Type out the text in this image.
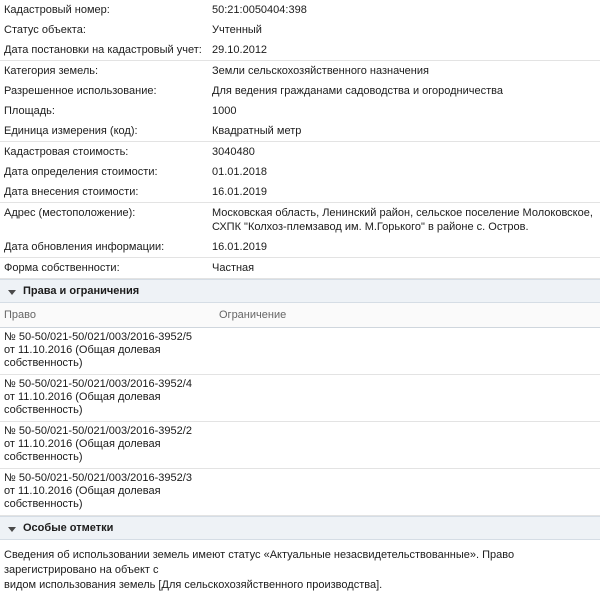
Кадастровый номер:	50:21:0050404:398
Статус объекта:	Учтенный
Дата постановки на кадастровый учет:	29.10.2012
Категория земель:	Земли сельскохозяйственного назначения
Разрешенное использование:	Для ведения гражданами садоводства и огородничества
Площадь:	1000
Единица измерения (код):	Квадратный метр
Кадастровая стоимость:	3040480
Дата определения стоимости:	01.01.2018
Дата внесения стоимости:	16.01.2019
Адрес (местоположение):	Московская область, Ленинский район, сельское поселение Молоковское, СХПК "Колхоз-племзавод им. М.Горького" в районе с. Остров.
Дата обновления информации:	16.01.2019
Форма собственности:	Частная
Права и ограничения
Право	Ограничение

№ 50-50/021-50/021/003/2016-3952/5
от 11.10.2016 (Общая долевая
собственность)	

№ 50-50/021-50/021/003/2016-3952/4
от 11.10.2016 (Общая долевая
собственность)	

№ 50-50/021-50/021/003/2016-3952/2
от 11.10.2016 (Общая долевая
собственность)	

№ 50-50/021-50/021/003/2016-3952/3
от 11.10.2016 (Общая долевая
собственность)	

Особые отметки
Сведения об использовании земель имеют статус «Актуальные незасвидетельствованные». Право зарегистрировано на объект с
видом использования земель [Для сельскохозяйственного производства].
